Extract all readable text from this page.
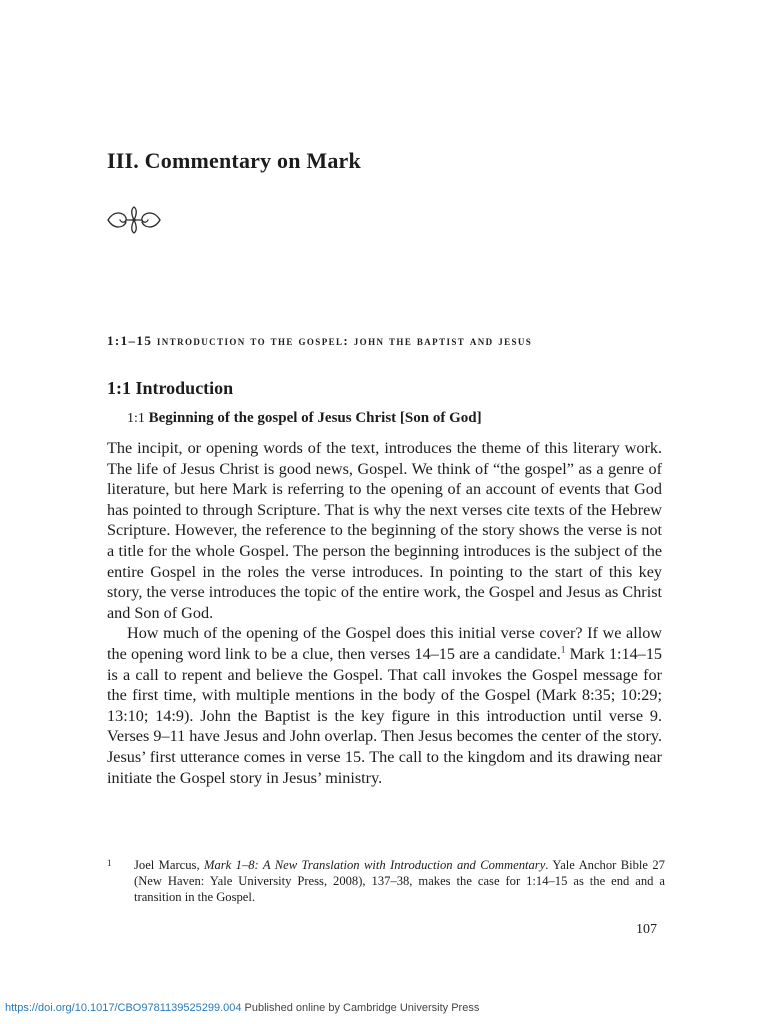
III. Commentary on Mark
1:1–15 introduction to the gospel: john the baptist and jesus
1:1 Introduction
1:1 Beginning of the gospel of Jesus Christ [Son of God]

The incipit, or opening words of the text, introduces the theme of this literary work. The life of Jesus Christ is good news, Gospel. We think of “the gospel” as a genre of literature, but here Mark is referring to the opening of an account of events that God has pointed to through Scripture. That is why the next verses cite texts of the Hebrew Scripture. However, the reference to the beginning of the story shows the verse is not a title for the whole Gospel. The person the beginning introduces is the subject of the entire Gospel in the roles the verse introduces. In pointing to the start of this key story, the verse introduces the topic of the entire work, the Gospel and Jesus as Christ and Son of God.

How much of the opening of the Gospel does this initial verse cover? If we allow the opening word link to be a clue, then verses 14–15 are a candidate.$^1$ Mark 1:14–15 is a call to repent and believe the Gospel. That call invokes the Gospel message for the first time, with multiple mentions in the body of the Gospel (Mark 8:35; 10:29; 13:10; 14:9). John the Baptist is the key figure in this introduction until verse 9. Verses 9–11 have Jesus and John overlap. Then Jesus becomes the center of the story. Jesus’ first utterance comes in verse 15. The call to the kingdom and its drawing near initiate the Gospel story in Jesus’ ministry.

1 Joel Marcus, Mark 1–8: A New Translation with Introduction and Commentary. Yale Anchor Bible 27 (New Haven: Yale University Press, 2008), 137–38, makes the case for 1:14–15 as the end and a transition in the Gospel.
107
https://doi.org/10.1017/CBO9781139525299.004 Published online by Cambridge University Press
